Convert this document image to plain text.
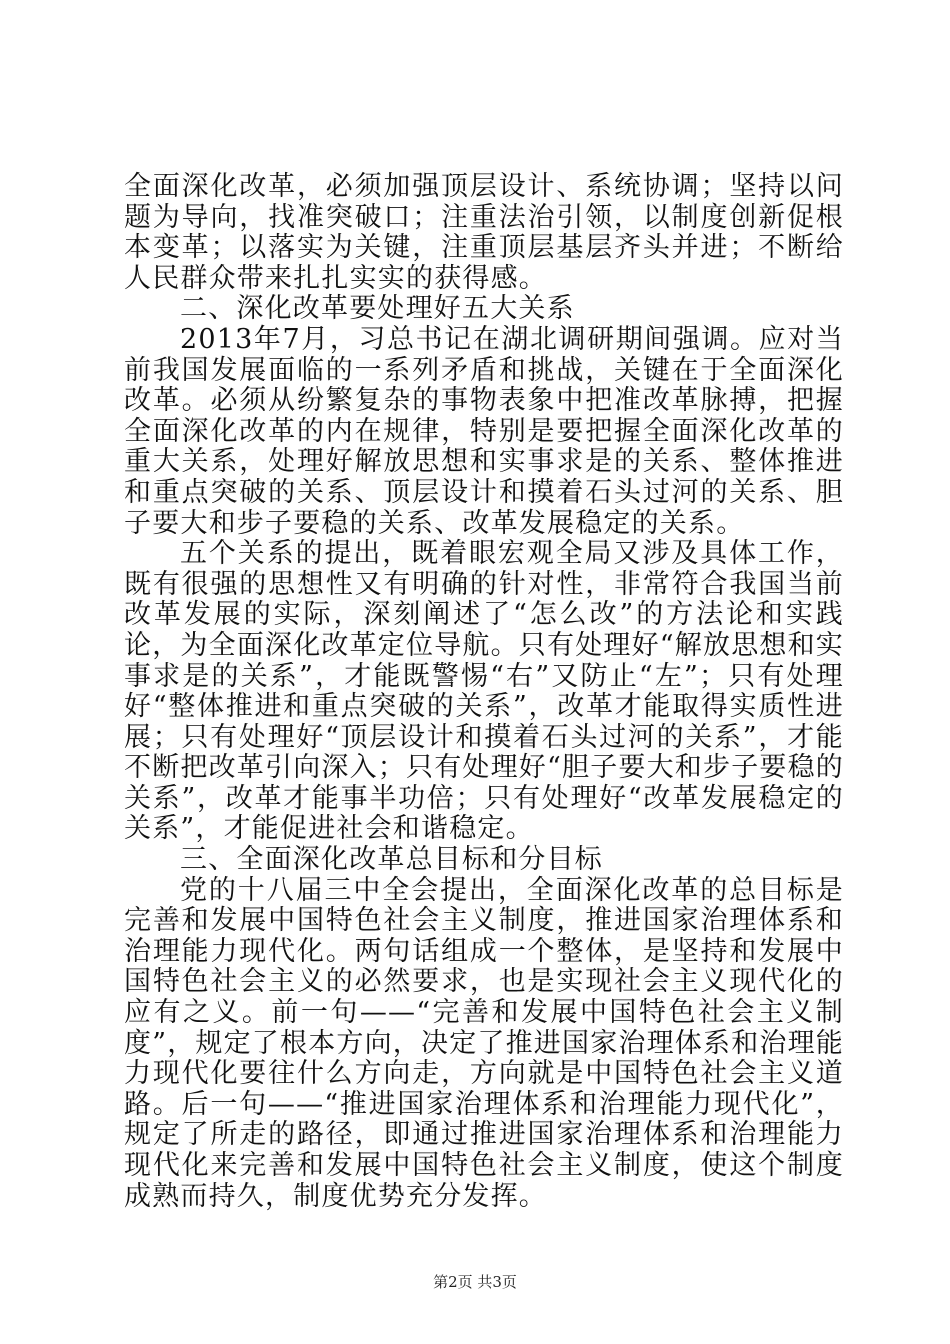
全面深化改革，必须加强顶层设计、系统协调；坚持以问题为导向，找准突破口；注重法治引领，以制度创新促根本变革；以落实为关键，注重顶层基层齐头并进；不断给人民群众带来扎扎实实的获得感。

二、深化改革要处理好五大关系

2013年7月，习总书记在湖北调研期间强调。应对当前我国发展面临的一系列矛盾和挑战，关键在于全面深化改革。必须从纷繁复杂的事物表象中把准改革脉搏，把握全面深化改革的内在规律，特别是要把握全面深化改革的重大关系，处理好解放思想和实事求是的关系、整体推进和重点突破的关系、顶层设计和摸着石头过河的关系、胆子要大和步子要稳的关系、改革发展稳定的关系。

五个关系的提出，既着眼宏观全局又涉及具体工作，既有很强的思想性又有明确的针对性，非常符合我国当前改革发展的实际，深刻阐述了“怎么改”的方法论和实践论，为全面深化改革定位导航。只有处理好“解放思想和实事求是的关系”，才能既警惕“右”又防止“左”；只有处理好“整体推进和重点突破的关系”，改革才能取得实质性进展；只有处理好“顶层设计和摸着石头过河的关系”，才能不断把改革引向深入；只有处理好“胆子要大和步子要稳的关系”，改革才能事半功倍；只有处理好“改革发展稳定的关系”，才能促进社会和谐稳定。

三、全面深化改革总目标和分目标

党的十八届三中全会提出，全面深化改革的总目标是完善和发展中国特色社会主义制度，推进国家治理体系和治理能力现代化。两句话组成一个整体，是坚持和发展中国特色社会主义的必然要求，也是实现社会主义现代化的应有之义。前一句——“完善和发展中国特色社会主义制度”，规定了根本方向，决定了推进国家治理体系和治理能力现代化要往什么方向走，方向就是中国特色社会主义道路。后一句——“推进国家治理体系和治理能力现代化”，规定了所走的路径，即通过推进国家治理体系和治理能力现代化来完善和发展中国特色社会主义制度，使这个制度成熟而持久，制度优势充分发挥。

第2页 共3页
